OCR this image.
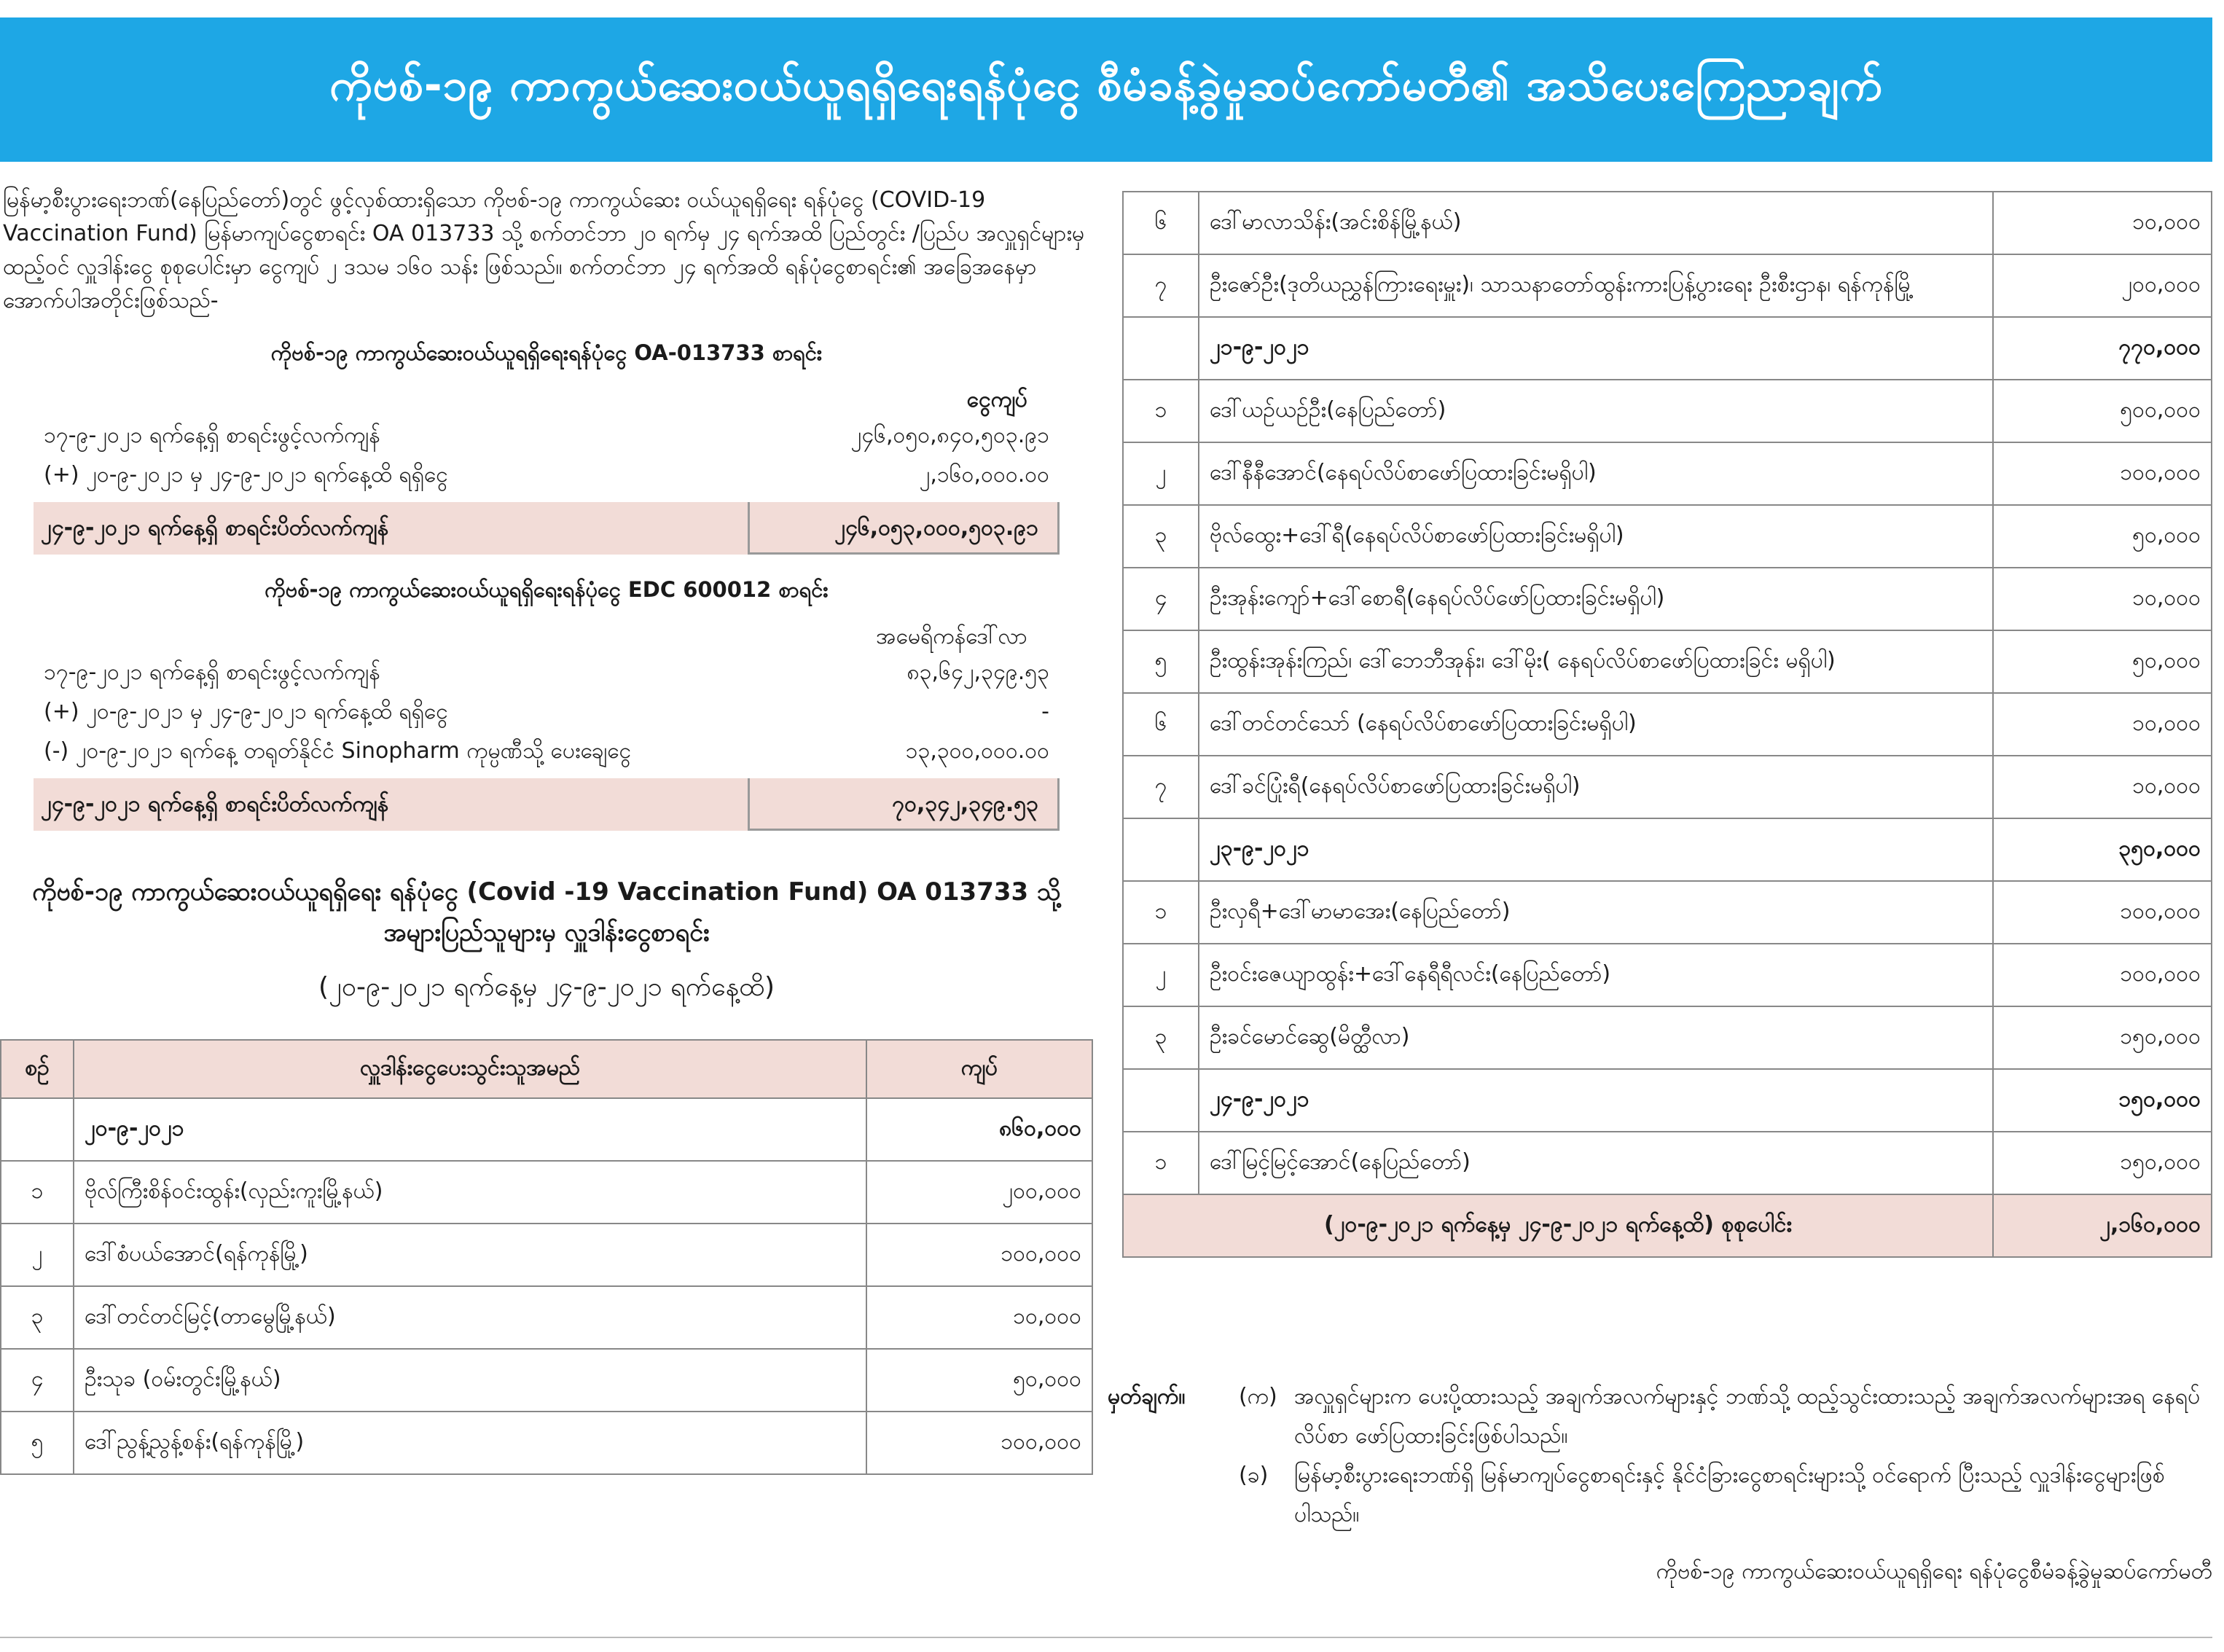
ကိုဗစ်-၁၉ ကာကွယ်ဆေးဝယ်ယူရရှိရေးရန်ပုံငွေ စီမံခန့်ခွဲမှုဆပ်ကော်မတီ၏ အသိပေးကြေညာချက်

မြန်မာ့စီးပွားရေးဘဏ်(နေပြည်တော်)တွင် ဖွင့်လှစ်ထားရှိသော ကိုဗစ်-၁၉ ကာကွယ်ဆေး ဝယ်ယူရရှိရေး ရန်ပုံငွေ (COVID-19 Vaccination Fund) မြန်မာကျပ်ငွေစာရင်း OA 013733 သို့ စက်တင်ဘာ ၂၀ ရက်မှ ၂၄ ရက်အထိ ပြည်တွင်း /ပြည်ပ အလှူရှင်များမှ ထည့်ဝင် လှူဒါန်းငွေ စုစုပေါင်းမှာ ငွေကျပ် ၂ ဒသမ ၁၆၀ သန်း ဖြစ်သည်။ စက်တင်ဘာ ၂၄ ရက်အထိ ရန်ပုံငွေစာရင်း၏ အခြေအနေမှာ အောက်ပါအတိုင်းဖြစ်သည်-

ကိုဗစ်-၁၉ ကာကွယ်ဆေးဝယ်ယူရရှိရေးရန်ပုံငွေ OA-013733 စာရင်း
ငွေကျပ်
၁၇-၉-၂၀၂၁ ရက်နေ့ရှိ စာရင်းဖွင့်လက်ကျန်	၂၄၆,၀၅၀,၈၄၀,၅၀၃.၉၁
(+) ၂၀-၉-၂၀၂၁ မှ ၂၄-၉-၂၀၂၁ ရက်နေ့ထိ ရရှိငွေ	၂,၁၆၀,၀၀၀.၀၀
၂၄-၉-၂၀၂၁ ရက်နေ့ရှိ စာရင်းပိတ်လက်ကျန်	၂၄၆,၀၅၃,၀၀၀,၅၀၃.၉၁
ကိုဗစ်-၁၉ ကာကွယ်ဆေးဝယ်ယူရရှိရေးရန်ပုံငွေ EDC 600012 စာရင်း
အမေရိကန်ဒေါ်လာ
၁၇-၉-၂၀၂၁ ရက်နေ့ရှိ စာရင်းဖွင့်လက်ကျန်	၈၃,၆၄၂,၃၄၉.၅၃
(+) ၂၀-၉-၂၀၂၁ မှ ၂၄-၉-၂၀၂၁ ရက်နေ့ထိ ရရှိငွေ	-
(-) ၂၀-၉-၂၀၂၁ ရက်နေ့ တရုတ်နိုင်ငံ Sinopharm ကုမ္ပဏီသို့ ပေးချေငွေ	၁၃,၃၀၀,၀၀၀.၀၀
၂၄-၉-၂၀၂၁ ရက်နေ့ရှိ စာရင်းပိတ်လက်ကျန်	၇၀,၃၄၂,၃၄၉.၅၃
ကိုဗစ်-၁၉ ကာကွယ်ဆေးဝယ်ယူရရှိရေး ရန်ပုံငွေ (Covid -19 Vaccination Fund) OA 013733 သို့
အများပြည်သူများမှ လှူဒါန်းငွေစာရင်း
(၂၀-၉-၂၀၂၁ ရက်နေ့မှ ၂၄-၉-၂၀၂၁ ရက်နေ့ထိ)
စဉ်	လှူဒါန်းငွေပေးသွင်းသူအမည်	ကျပ်
	၂၀-၉-၂၀၂၁	၈၆၀,၀၀၀
၁	ဗိုလ်ကြီးစိန်ဝင်းထွန်း(လှည်းကူးမြို့နယ်)	၂၀၀,၀၀၀
၂	ဒေါ်စံပယ်အောင်(ရန်ကုန်မြို့)	၁၀၀,၀၀၀
၃	ဒေါ်တင်တင်မြင့်(တာမွေမြို့နယ်)	၁၀,၀၀၀
၄	ဦးသုခ (ဝမ်းတွင်းမြို့နယ်)	၅၀,၀၀၀
၅	ဒေါ်ညွန့်ညွန့်စန်း(ရန်ကုန်မြို့)	၁၀၀,၀၀၀
၆	ဒေါ်မာလာသိန်း(အင်းစိန်မြို့နယ်)	၁၀,၀၀၀
၇	ဦးဇော်ဦး(ဒုတိယညွှန်ကြားရေးမှူး)၊ သာသနာတော်ထွန်းကားပြန့်ပွားရေး ဦးစီးဌာန၊ ရန်ကုန်မြို့	၂၀၀,၀၀၀
	၂၁-၉-၂၀၂၁	၇၇၀,၀၀၀
၁	ဒေါ်ယဉ်ယဉ်ဦး(နေပြည်တော်)	၅၀၀,၀၀၀
၂	ဒေါ်နီနီအောင်(နေရပ်လိပ်စာဖော်ပြထားခြင်းမရှိပါ)	၁၀၀,၀၀၀
၃	ဗိုလ်ထွေး+ဒေါ်ရီ(နေရပ်လိပ်စာဖော်ပြထားခြင်းမရှိပါ)	၅၀,၀၀၀
၄	ဦးအုန်းကျော်+ဒေါ်စောရီ(နေရပ်လိပ်ဖော်ပြထားခြင်းမရှိပါ)	၁၀,၀၀၀
၅	ဦးထွန်းအုန်းကြည်၊ ဒေါ်ဘေဘီအုန်း၊ ဒေါ်မိုး( နေရပ်လိပ်စာဖော်ပြထားခြင်း မရှိပါ)	၅၀,၀၀၀
၆	ဒေါ်တင်တင်သော် (နေရပ်လိပ်စာဖော်ပြထားခြင်းမရှိပါ)	၁၀,၀၀၀
၇	ဒေါ်ခင်ပြုံးရီ(နေရပ်လိပ်စာဖော်ပြထားခြင်းမရှိပါ)	၁၀,၀၀၀
	၂၃-၉-၂၀၂၁	၃၅၀,၀၀၀
၁	ဦးလှရီ+ဒေါ်မာမာအေး(နေပြည်တော်)	၁၀၀,၀၀၀
၂	ဦးဝင်းဇေယျာထွန်း+ဒေါ်နေရီရီလင်း(နေပြည်တော်)	၁၀၀,၀၀၀
၃	ဦးခင်မောင်ဆွေ(မိတ္ထီလာ)	၁၅၀,၀၀၀
	၂၄-၉-၂၀၂၁	၁၅၀,၀၀၀
၁	ဒေါ်မြင့်မြင့်အောင်(နေပြည်တော်)	၁၅၀,၀၀၀
(၂၀-၉-၂၀၂၁ ရက်နေ့မှ ၂၄-၉-၂၀၂၁ ရက်နေ့ထိ) စုစုပေါင်း		၂,၁၆၀,၀၀၀
မှတ်ချက်။	(က) အလှူရှင်များက ပေးပို့ထားသည့် အချက်အလက်များနှင့် ဘဏ်သို့ ထည့်သွင်းထားသည့် အချက်အလက်များအရ နေရပ်လိပ်စာ ဖော်ပြထားခြင်းဖြစ်ပါသည်။
(ခ)	မြန်မာ့စီးပွားရေးဘဏ်ရှိ မြန်မာကျပ်ငွေစာရင်းနှင့် နိုင်ငံခြားငွေစာရင်းများသို့ ဝင်ရောက် ပြီးသည့် လှူဒါန်းငွေများဖြစ်ပါသည်။
ကိုဗစ်-၁၉ ကာကွယ်ဆေးဝယ်ယူရရှိရေး ရန်ပုံငွေစီမံခန့်ခွဲမှုဆပ်ကော်မတီ
